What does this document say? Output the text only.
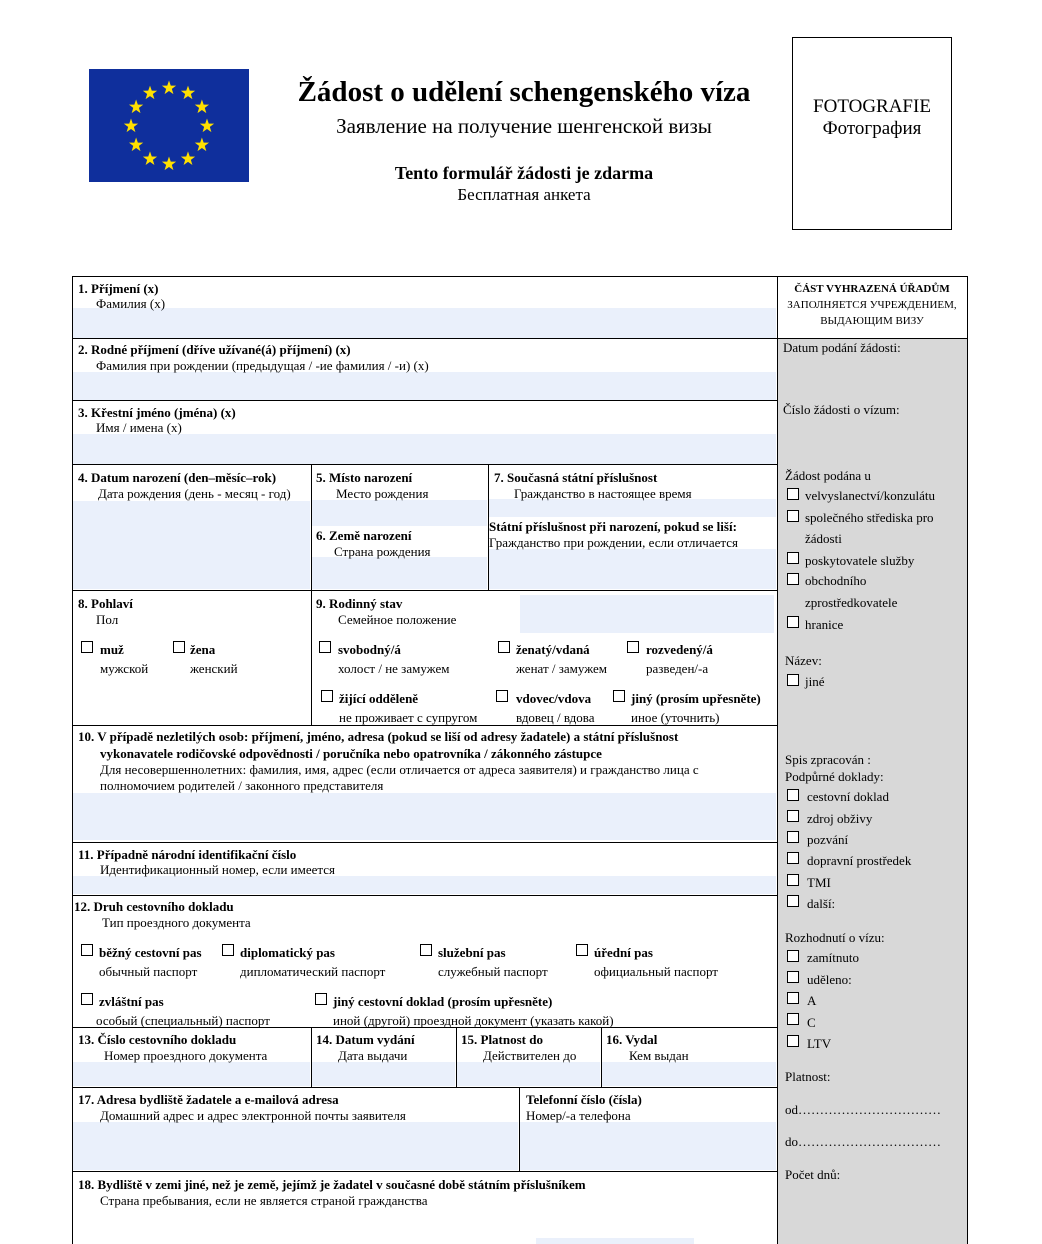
Žádost o udělení schengenského víza
Заявление на получение шенгенской визы
Tento formulář žádosti je zdarma
Бесплатная анкета
FOTOGRAFIE
Фотография
1. Příjmení (x)
Фамилия (x)
2. Rodné příjmení (dříve užívané(á) příjmení) (x)
Фамилия при рождении (предыдущая / -ие фамилия / -и) (x)
3. Křestní jméno (jména) (x)
Имя / имена (x)
4. Datum narození (den–měsíc–rok)
Дата рождения (день - месяц - год)
5. Místo narození
Место рождения
6. Země narození
Страна рождения
7. Současná státní příslušnost
Гражданство в настоящее время
Státní příslušnost při narození, pokud se liší:
Гражданство при рождении, если отличается
8. Pohlaví
Пол
muž
мужской
žena
женский
9. Rodinný stav
Семейное положение
svobodný/á
холост / не замужем
ženatý/vdaná
женат / замужем
rozvedený/á
разведен/-а
žijící odděleně
не проживает с супругом
vdovec/vdova
вдовец / вдова
jiný (prosím upřesněte)
иное (уточнить)
10. V případě nezletilých osob: příjmení, jméno, adresa (pokud se liší od adresy žadatele) a státní příslušnost
vykonavatele rodičovské odpovědnosti / poručníka nebo opatrovníka / zákonného zástupce
Для несовершеннолетних: фамилия, имя, адрес (если отличается от адреса заявителя) и гражданство лица с
полномочием родителей / законного представителя
11. Případně národní identifikační číslo
Идентификационный номер, если имеется
12. Druh cestovního dokladu
Тип проездного документа
běžný cestovní pas
обычный паспорт
diplomatický pas
дипломатический паспорт
služební pas
служебный паспорт
úřední pas
официальный паспорт
zvláštní pas
особый (специальный) паспорт
jiný cestovní doklad (prosím upřesněte)
иной (другой) проездной документ (указать какой)
13. Číslo cestovního dokladu
Номер проездного документа
14. Datum vydání
Дата выдачи
15. Platnost do
Действителен до
16. Vydal
Кем выдан
17. Adresa bydliště žadatele a e-mailová adresa
Домашний адрес и адрес электронной почты заявителя
Telefonní číslo (čísla)
Номер/-а телефона
18. Bydliště v zemi jiné, než je země, jejímž je žadatel v současné době státním příslušníkem
Страна пребывания, если не является страной гражданства
ČÁST VYHRAZENÁ ÚŘADŮM
ЗАПОЛНЯЕТСЯ УЧРЕЖДЕНИЕМ,
ВЫДАЮЩИМ ВИЗУ
Datum podání žádosti:
Číslo žádosti o vízum:
Žádost podána u
velvyslanectví/konzulátu
společného střediska pro
žádosti
poskytovatele služby
obchodního
zprostředkovatele
hranice
Název:
jiné
Spis zpracován :
Podpůrné doklady:
cestovní doklad
zdroj obživy
pozvání
dopravní prostředek
TMI
další:
Rozhodnutí o vízu:
zamítnuto
uděleno:
A
C
LTV
Platnost:
od……………………………
do……………………………
Počet dnů:
